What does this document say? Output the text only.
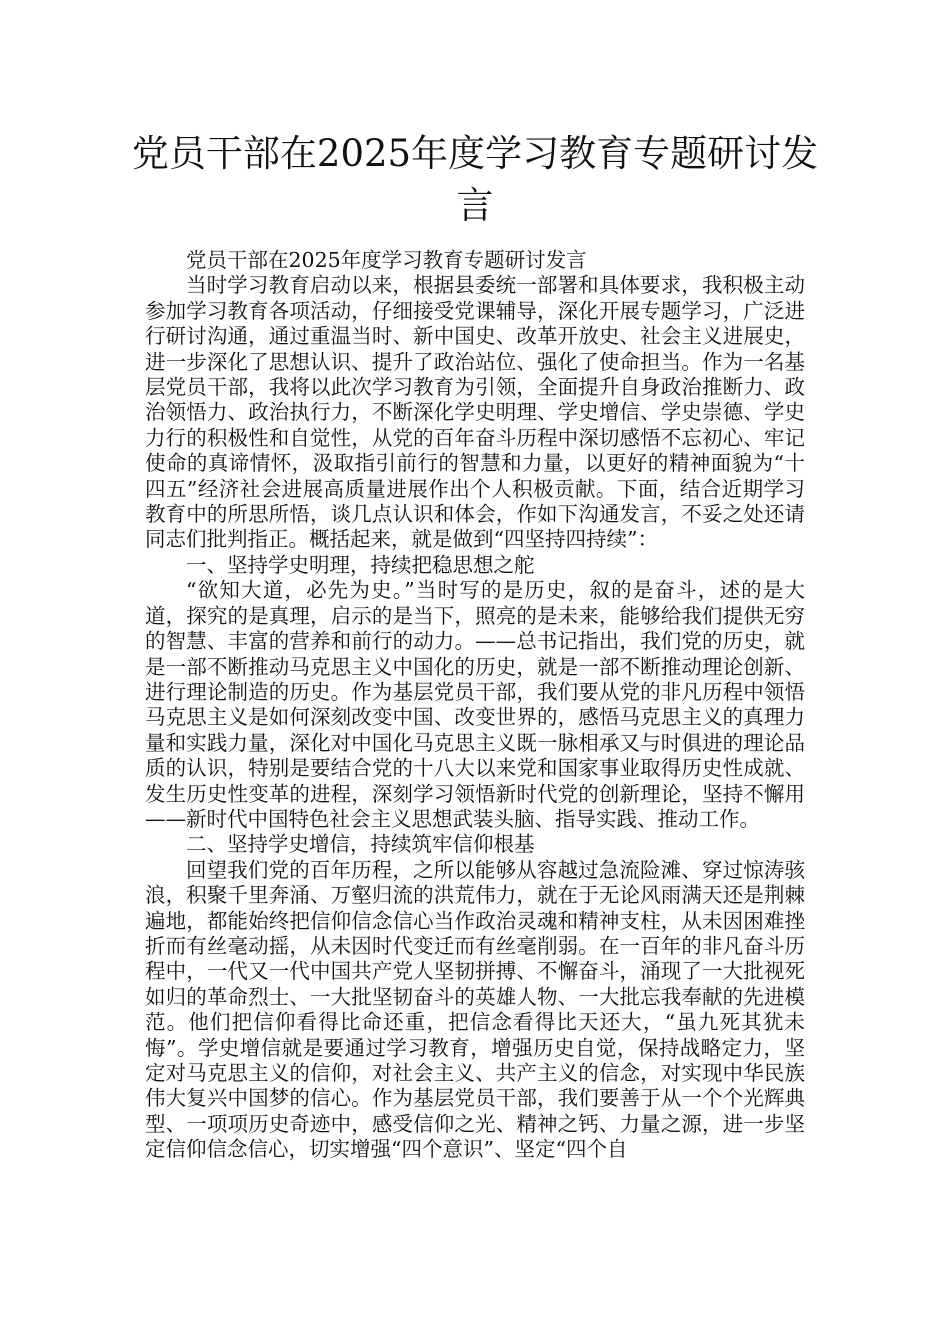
党员干部在2025年度学习教育专题研讨发言

党员干部在2025年度学习教育专题研讨发言

当时学习教育启动以来，根据县委统一部署和具体要求，我积极主动参加学习教育各项活动，仔细接受党课辅导，深化开展专题学习，广泛进行研讨沟通，通过重温当时、新中国史、改革开放史、社会主义进展史，进一步深化了思想认识、提升了政治站位、强化了使命担当。作为一名基层党员干部，我将以此次学习教育为引领，全面提升自身政治推断力、政治领悟力、政治执行力，不断深化学史明理、学史增信、学史崇德、学史力行的积极性和自觉性，从党的百年奋斗历程中深切感悟不忘初心、牢记使命的真谛情怀，汲取指引前行的智慧和力量，以更好的精神面貌为“十四五”经济社会进展高质量进展作出个人积极贡献。下面，结合近期学习教育中的所思所悟，谈几点认识和体会，作如下沟通发言，不妥之处还请同志们批判指正。概括起来，就是做到“四坚持四持续”：

一、坚持学史明理，持续把稳思想之舵

“欲知大道，必先为史。”当时写的是历史，叙的是奋斗，述的是大道，探究的是真理，启示的是当下，照亮的是未来，能够给我们提供无穷的智慧、丰富的营养和前行的动力。——总书记指出，我们党的历史，就是一部不断推动马克思主义中国化的历史，就是一部不断推动理论创新、进行理论制造的历史。作为基层党员干部，我们要从党的非凡历程中领悟马克思主义是如何深刻改变中国、改变世界的，感悟马克思主义的真理力量和实践力量，深化对中国化马克思主义既一脉相承又与时俱进的理论品质的认识，特别是要结合党的十八大以来党和国家事业取得历史性成就、发生历史性变革的进程，深刻学习领悟新时代党的创新理论，坚持不懈用——新时代中国特色社会主义思想武装头脑、指导实践、推动工作。

二、坚持学史增信，持续筑牢信仰根基

回望我们党的百年历程，之所以能够从容越过急流险滩、穿过惊涛骇浪，积聚千里奔涌、万壑归流的洪荒伟力，就在于无论风雨满天还是荆棘遍地，都能始终把信仰信念信心当作政治灵魂和精神支柱，从未因困难挫折而有丝毫动摇，从未因时代变迁而有丝毫削弱。在一百年的非凡奋斗历程中，一代又一代中国共产党人坚韧拼搏、不懈奋斗，涌现了一大批视死如归的革命烈士、一大批坚韧奋斗的英雄人物、一大批忘我奉献的先进模范。他们把信仰看得比命还重，把信念看得比天还大，“虽九死其犹未悔”。学史增信就是要通过学习教育，增强历史自觉，保持战略定力，坚定对马克思主义的信仰，对社会主义、共产主义的信念，对实现中华民族伟大复兴中国梦的信心。作为基层党员干部，我们要善于从一个个光辉典型、一项项历史奇迹中，感受信仰之光、精神之钙、力量之源，进一步坚定信仰信念信心，切实增强“四个意识”、坚定“四个自
